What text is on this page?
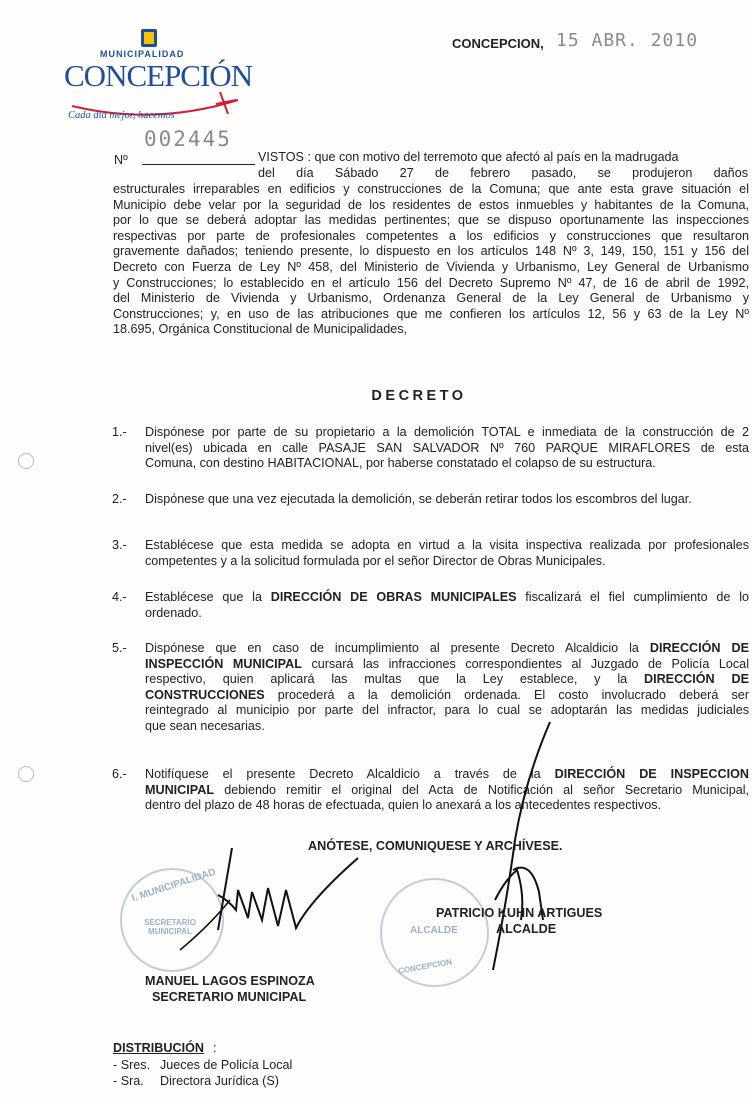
MUNICIPALIDAD
CONCEPCIÓN
Cada día mejor, hacemos
CONCEPCION, 15 ABR. 2010
Nº
002445
VISTOS : que con motivo del terremoto que afectó al país en la madrugada
del día Sábado 27 de febrero pasado, se produjeron daños
estructurales irreparables en edificios y construcciones de la Comuna; que ante esta grave situación el
Municipio debe velar por la seguridad de los residentes de estos inmuebles y habitantes de la Comuna,
por lo que se deberá adoptar las medidas pertinentes; que se dispuso oportunamente las inspecciones
respectivas por parte de profesionales competentes a los edificios y construcciones que resultaron
gravemente dañados; teniendo presente, lo dispuesto en los artículos 148 Nº 3, 149, 150, 151 y 156 del
Decreto con Fuerza de Ley Nº 458, del Ministerio de Vivienda y Urbanismo, Ley General de Urbanismo
y Construcciones; lo establecido en el artículo 156 del Decreto Supremo Nº 47, de 16 de abril de 1992,
del Ministerio de Vivienda y Urbanismo, Ordenanza General de la Ley General de Urbanismo y
Construcciones; y, en uso de las atribuciones que me confieren los artículos 12, 56 y 63 de la Ley Nº
18.695, Orgánica Constitucional de Municipalidades,
DECRETO
1.- Dispónese por parte de su propietario a la demolición TOTAL e inmediata de la construcción de 2
nivel(es) ubicada en calle PASAJE SAN SALVADOR Nº 760 PARQUE MIRAFLORES de esta
Comuna, con destino HABITACIONAL, por haberse constatado el colapso de su estructura.
2.- Dispónese que una vez ejecutada la demolición, se deberán retirar todos los escombros del lugar.
3.- Establécese que esta medida se adopta en virtud a la visita inspectiva realizada por profesionales
competentes y a la solicitud formulada por el señor Director de Obras Municipales.
4.- Establécese que la DIRECCIÓN DE OBRAS MUNICIPALES fiscalizará el fiel cumplimiento de lo
ordenado.
5.- Dispónese que en caso de incumplimiento al presente Decreto Alcaldicio la DIRECCIÓN DE
INSPECCIÓN MUNICIPAL cursará las infracciones correspondientes al Juzgado de Policía Local
respectivo, quien aplicará las multas que la Ley establece, y la DIRECCIÓN DE
CONSTRUCCIONES procederá a la demolición ordenada. El costo involucrado deberá ser
reintegrado al municipio por parte del infractor, para lo cual se adoptarán las medidas judiciales
que sean necesarias.
6.- Notifíquese el presente Decreto Alcaldicio a través de la DIRECCIÓN DE INSPECCION
MUNICIPAL debiendo remitir el original del Acta de Notificación al señor Secretario Municipal,
dentro del plazo de 48 horas de efectuada, quien lo anexará a los antecedentes respectivos.
ANÓTESE, COMUNIQUESE Y ARCHÍVESE.
I. MUNICIPALIDAD
SECRETARIO MUNICIPAL	ALCALDE
CONCEPCION
PATRICIO KUHN ARTIGUES
ALCALDE
MANUEL LAGOS ESPINOZA
SECRETARIO MUNICIPAL
DISTRIBUCIÓN :
- Sres. Jueces de Policía Local
- Sra. Directora Jurídica (S)
